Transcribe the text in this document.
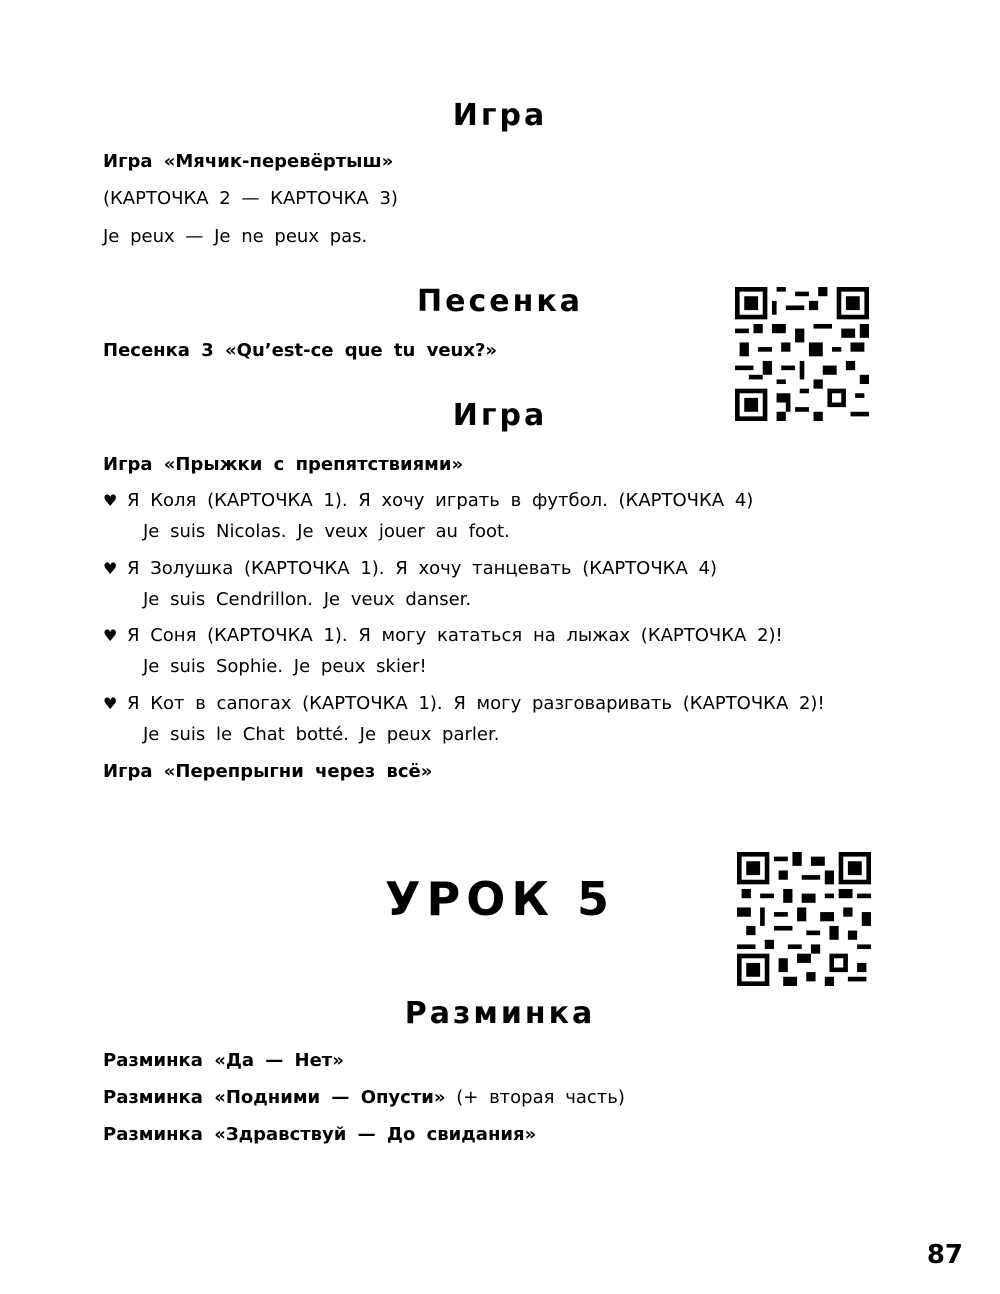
Игра
Игра «Мячик-перевёртыш»
(КАРТОЧКА 2 — КАРТОЧКА 3)
Je peux — Je ne peux pas.
Песенка
Песенка 3 «Qu’est-ce que tu veux?»
Игра
Игра «Прыжки с препятствиями»
♥ Я Коля (КАРТОЧКА 1). Я хочу играть в футбол. (КАРТОЧКА 4)
Je suis Nicolas. Je veux jouer au foot.
♥ Я Золушка (КАРТОЧКА 1). Я хочу танцевать (КАРТОЧКА 4)
Je suis Cendrillon. Je veux danser.
♥ Я Соня (КАРТОЧКА 1). Я могу кататься на лыжах (КАРТОЧКА 2)!
Je suis Sophie. Je peux skier!
♥ Я Кот в сапогах (КАРТОЧКА 1). Я могу разговаривать (КАРТОЧКА 2)!
Je suis le Chat botté. Je peux parler.
Игра «Перепрыгни через всё»
УРОК 5
Разминка
Разминка «Да — Нет»
Разминка «Подними — Опусти» (+ вторая часть)
Разминка «Здравствуй — До свидания»
87
